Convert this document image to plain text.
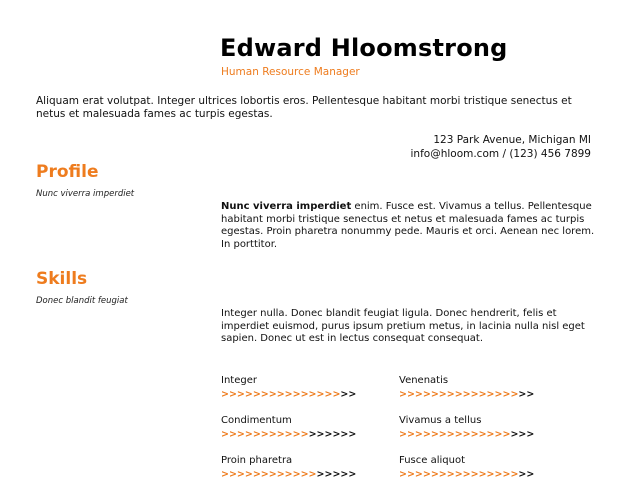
Edward Hloomstrong
Human Resource Manager

Aliquam erat volutpat. Integer ultrices lobortis eros. Pellentesque habitant morbi tristique senectus et netus et malesuada fames ac turpis egestas.

123 Park Avenue, Michigan MI
info@hloom.com / (123) 456 7899
Profile
Nunc viverra imperdiet

Nunc viverra imperdiet enim. Fusce est. Vivamus a tellus. Pellentesque habitant morbi tristique senectus et netus et malesuada fames ac turpis egestas. Proin pharetra nonummy pede. Mauris et orci. Aenean nec lorem. In porttitor.

Skills
Donec blandit feugiat

Integer nulla. Donec blandit feugiat ligula. Donec hendrerit, felis et imperdiet euismod, purus ipsum pretium metus, in lacinia nulla nisl eget sapien. Donec ut est in lectus consequat consequat.

Integer
>>>>>>>>>>>>>>>>>
Venenatis
>>>>>>>>>>>>>>>>>
Condimentum
>>>>>>>>>>>>>>>>>
Vivamus a tellus
>>>>>>>>>>>>>>>>>
Proin pharetra
>>>>>>>>>>>>>>>>>
Fusce aliquot
>>>>>>>>>>>>>>>>>
